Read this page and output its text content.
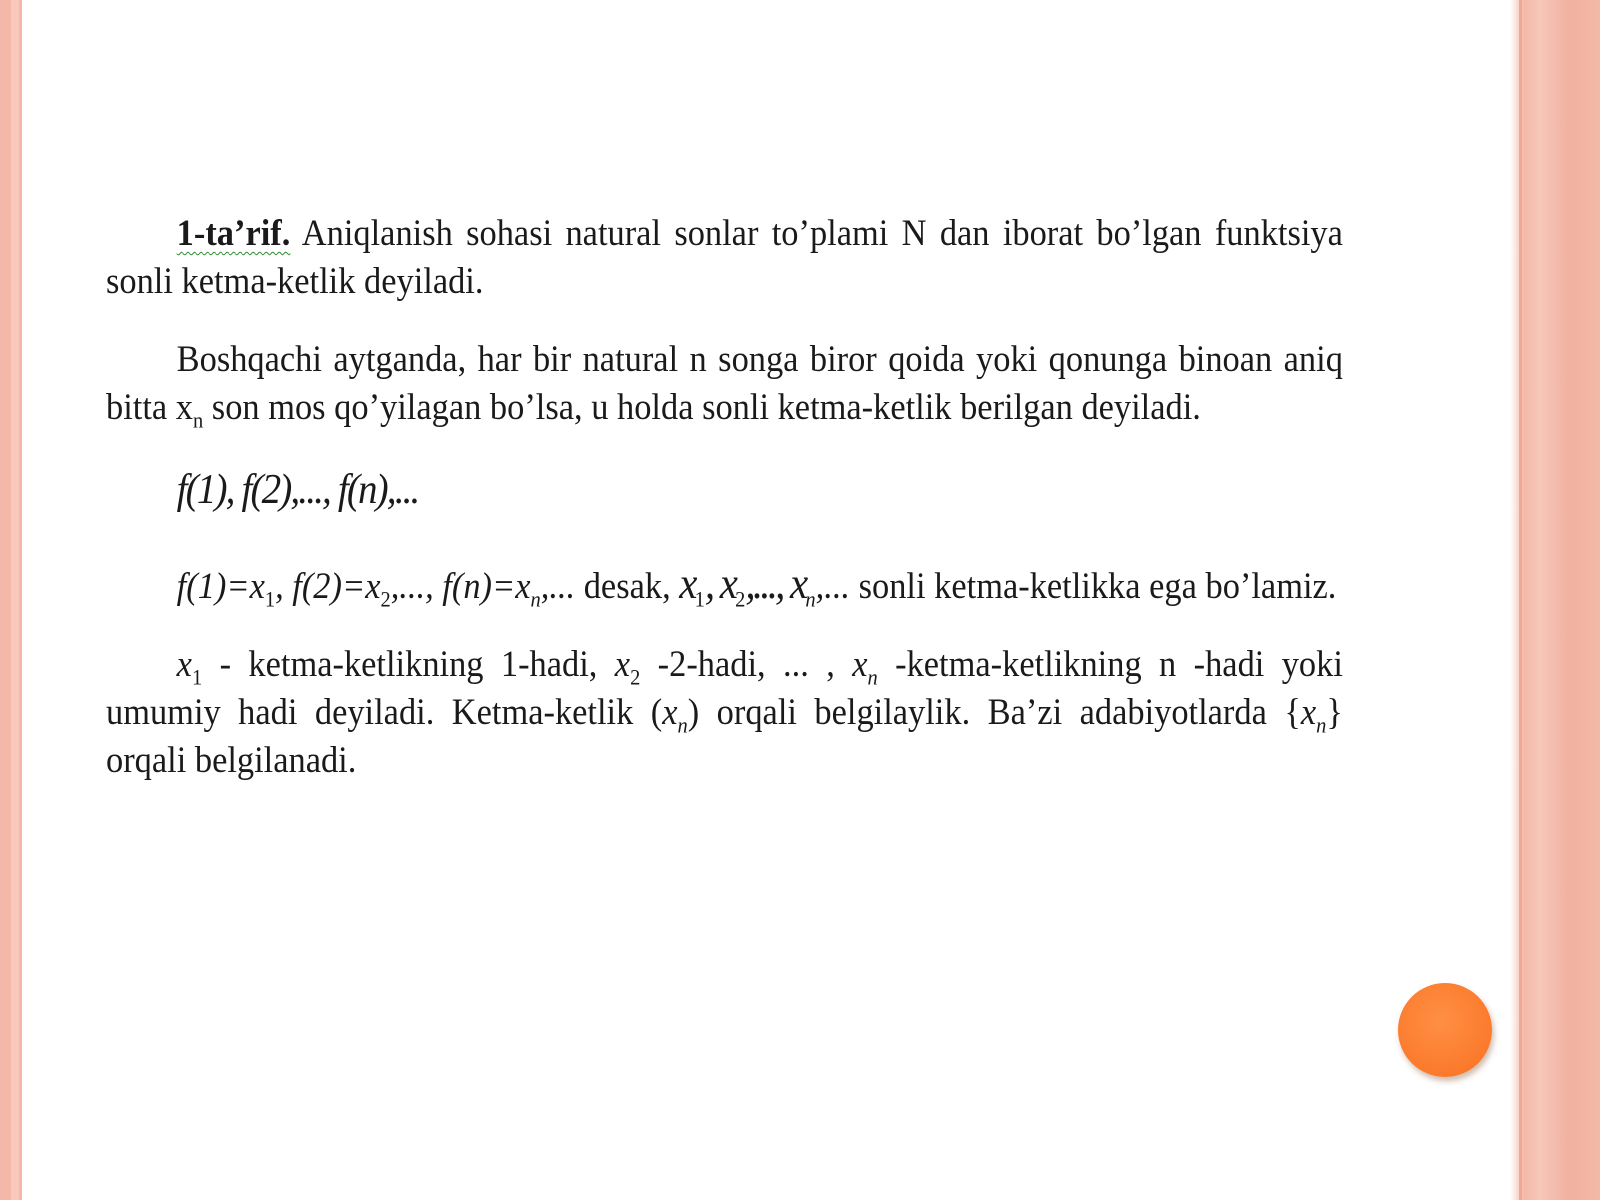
1-ta’rif. Aniqlanish sohasi natural sonlar to’plami N dan iborat bo’lgan funktsiya sonli ketma-ketlik deyiladi.

Boshqachi aytganda, har bir natural n songa biror qoida yoki qonunga binoan aniq bitta $x_n$ son mos qo’yilagan bo’lsa, u holda sonli ketma-ketlik berilgan deyiladi.

f(1), f(2),..., f(n),...
$f(1)=x_1$, $f(2)=x_2$,..., $f(n)=x_n$,... desak, $x_1$, $x_2$,..., $x_n$,... sonli ketma-ketlikka ega bo’lamiz.

$x_1$ - ketma-ketlikning 1-hadi, $x_2$ -2-hadi, ... , $x_n$ -ketma-ketlikning n -hadi yoki umumiy hadi deyiladi. Ketma-ketlik $(x_n)$ orqali belgilaylik. Ba’zi adabiyotlarda $\{x_n\}$ orqali belgilanadi.
